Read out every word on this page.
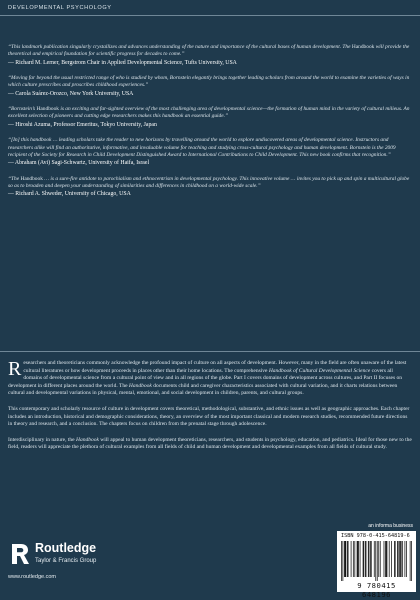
DEVELOPMENTAL PSYCHOLOGY

“This landmark publication singularly crystallizes and advances understanding of the nature and importance of the cultural bases of human development. The Handbook will provide the theoretical and empirical foundation for scientific progress for decades to come.”

— Richard M. Lerner, Bergstrom Chair in Applied Developmental Science, Tufts University, USA

“Moving far beyond the usual restricted range of who is studied by whom, Bornstein elegantly brings together leading scholars from around the world to examine the varieties of ways in which culture prescribes and proscribes childhood experiences.”

— Carola Suárez-Orozco, New York University, USA

“Bornstein’s Handbook is an exciting and far-sighted overview of the most challenging area of developmental science—the formation of human mind in the variety of cultural milieus. An excellent selection of pioneers and cutting edge researchers makes this handbook an essential guide.”

— Hiroshi Azuma, Professor Emeritus, Tokyo University, Japan

“[In] this handbook … leading scholars take the reader to new horizons by travelling around the world to explore undiscovered areas of developmental science. Instructors and researchers alike will find an authoritative, informative, and invaluable volume for teaching and studying cross-cultural psychology and human development. Bornstein is the 2009 recipient of the Society for Research in Child Development Distinguished Award to International Contributions to Child Development. This new book confirms that recognition.”

— Abraham (Avi) Sagi-Schwartz, University of Haifa, Israel

“The Handbook … is a sure-fire antidote to parochialism and ethnocentrism in developmental psychology. This innovative volume … invites you to pick up and spin a multicultural globe so as to broaden and deepen your understanding of similarities and differences in childhood on a world-wide scale.”

— Richard A. Shweder, University of Chicago, USA

Researchers and theoreticians commonly acknowledge the profound impact of culture on all aspects of development. However, many in the field are often unaware of the latest cultural literatures or how development proceeds in places other than their home locations. The comprehensive Handbook of Cultural Developmental Science covers all domains of developmental science from a cultural point of view and in all regions of the globe. Part I covers domains of development across cultures, and Part II focuses on development in different places around the world. The Handbook documents child and caregiver characteristics associated with cultural variation, and it charts relations between cultural and developmental variations in physical, mental, emotional, and social development in children, parents, and cultural groups.

This contemporary and scholarly resource of culture in development covers theoretical, methodological, substantive, and ethnic issues as well as geographic approaches. Each chapter includes an introduction, historical and demographic considerations, theory, an overview of the most important classical and modern research studies, recommended future directions in theory and research, and a conclusion. The chapters focus on children from the prenatal stage through adolescence.

Interdisciplinary in nature, the Handbook will appeal to human development theoreticians, researchers, and students in psychology, education, and pediatrics. Ideal for those new to the field, readers will appreciate the plethora of cultural examples from all fields of child and human development and developmental examples from all fields of cultural study.

Routledge
Taylor & Francis Group
www.routledge.com
an informa business
ISBN 978-0-415-64819-6
9 780415 648196
